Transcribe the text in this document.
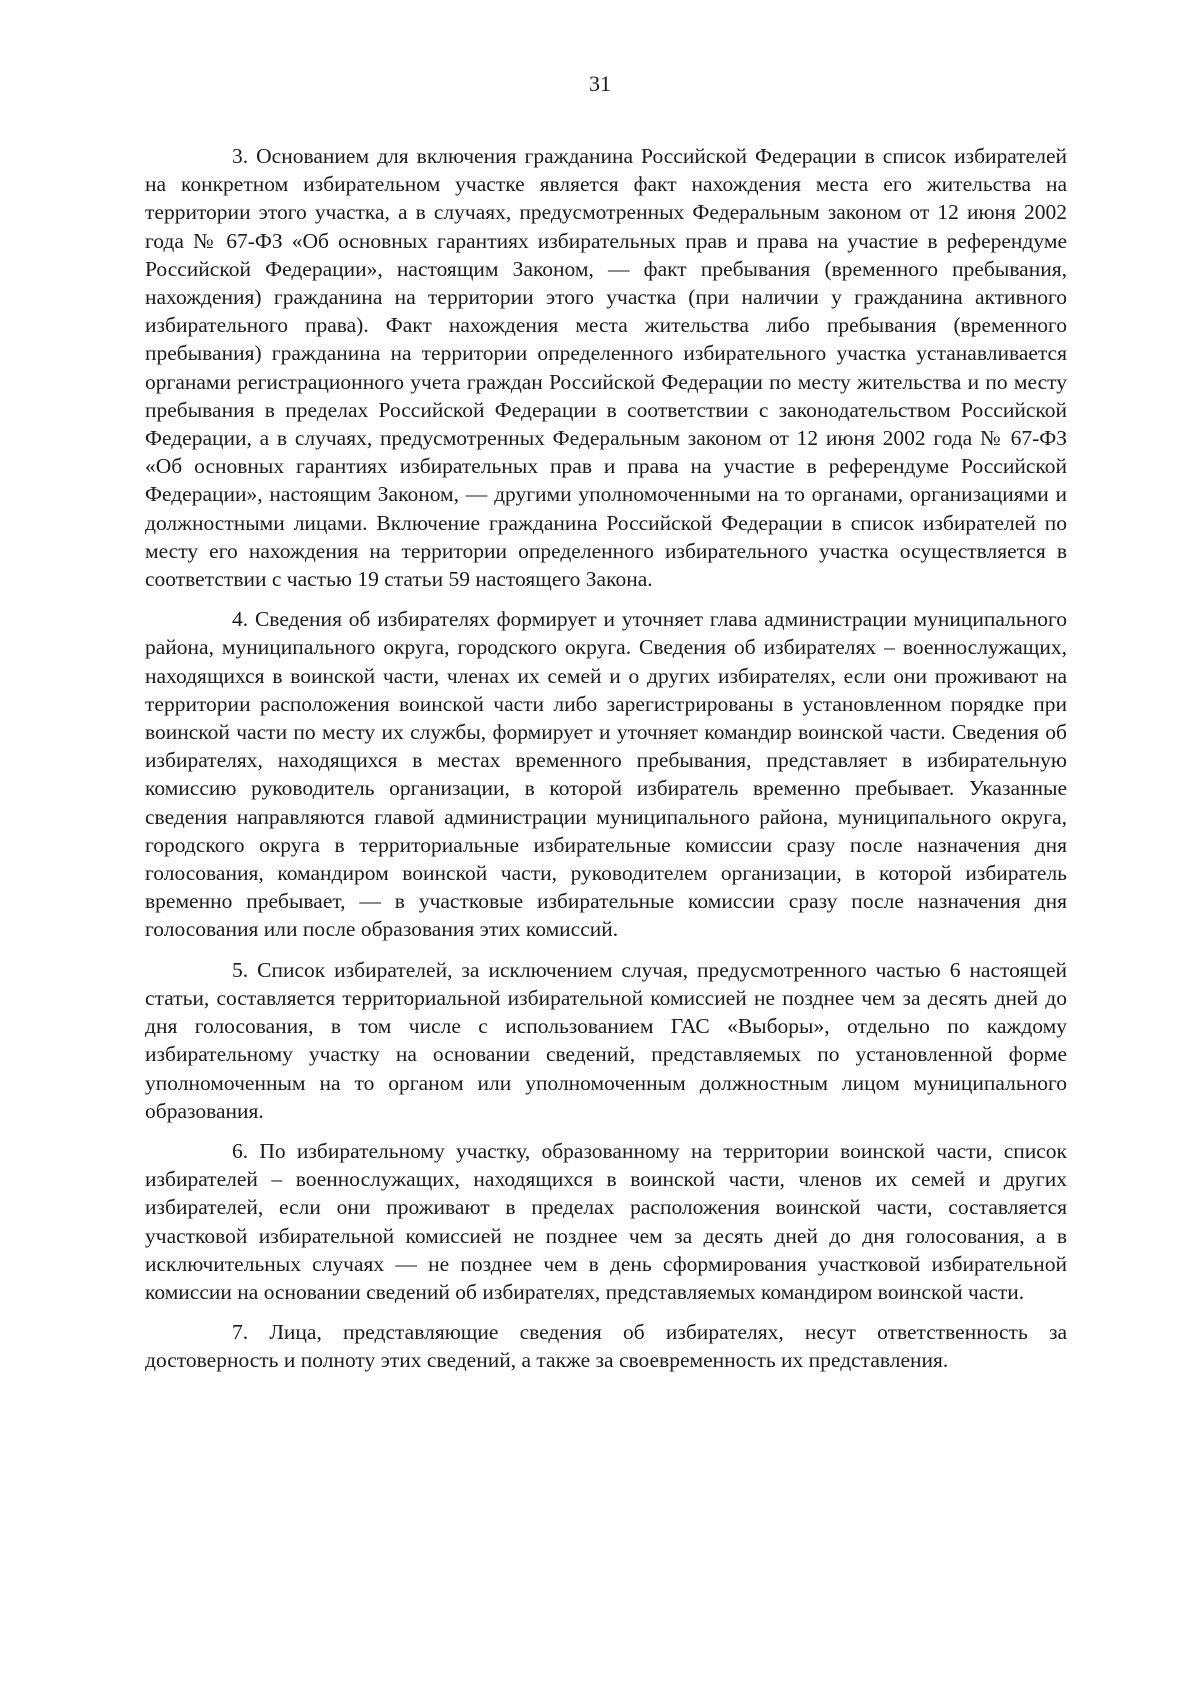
31

3. Основанием для включения гражданина Российской Федерации в список избирателей на конкретном избирательном участке является факт нахождения места его жительства на территории этого участка, а в случаях, предусмотренных Федеральным законом от 12 июня 2002 года № 67-ФЗ «Об основных гарантиях избирательных прав и права на участие в референдуме Российской Федерации», настоящим Законом, — факт пребывания (временного пребывания, нахождения) гражданина на территории этого участка (при наличии у гражданина активного избирательного права). Факт нахождения места жительства либо пребывания (временного пребывания) гражданина на территории определенного избирательного участка устанавливается органами регистрационного учета граждан Российской Федерации по месту жительства и по месту пребывания в пределах Российской Федерации в соответствии с законодательством Российской Федерации, а в случаях, предусмотренных Федеральным законом от 12 июня 2002 года № 67-ФЗ «Об основных гарантиях избирательных прав и права на участие в референдуме Российской Федерации», настоящим Законом, — другими уполномоченными на то органами, организациями и должностными лицами. Включение гражданина Российской Федерации в список избирателей по месту его нахождения на территории определенного избирательного участка осуществляется в соответствии с частью 19 статьи 59 настоящего Закона.

4. Сведения об избирателях формирует и уточняет глава администрации муниципального района, муниципального округа, городского округа. Сведения об избирателях – военнослужащих, находящихся в воинской части, членах их семей и о других избирателях, если они проживают на территории расположения воинской части либо зарегистрированы в установленном порядке при воинской части по месту их службы, формирует и уточняет командир воинской части. Сведения об избирателях, находящихся в местах временного пребывания, представляет в избирательную комиссию руководитель организации, в которой избиратель временно пребывает. Указанные сведения направляются главой администрации муниципального района, муниципального округа, городского округа в территориальные избирательные комиссии сразу после назначения дня голосования, командиром воинской части, руководителем организации, в которой избиратель временно пребывает, — в участковые избирательные комиссии сразу после назначения дня голосования или после образования этих комиссий.

5. Список избирателей, за исключением случая, предусмотренного частью 6 настоящей статьи, составляется территориальной избирательной комиссией не позднее чем за десять дней до дня голосования, в том числе с использованием ГАС «Выборы», отдельно по каждому избирательному участку на основании сведений, представляемых по установленной форме уполномоченным на то органом или уполномоченным должностным лицом муниципального образования.

6. По избирательному участку, образованному на территории воинской части, список избирателей – военнослужащих, находящихся в воинской части, членов их семей и других избирателей, если они проживают в пределах расположения воинской части, составляется участковой избирательной комиссией не позднее чем за десять дней до дня голосования, а в исключительных случаях — не позднее чем в день сформирования участковой избирательной комиссии на основании сведений об избирателях, представляемых командиром воинской части.

7. Лица, представляющие сведения об избирателях, несут ответственность за достоверность и полноту этих сведений, а также за своевременность их представления.
